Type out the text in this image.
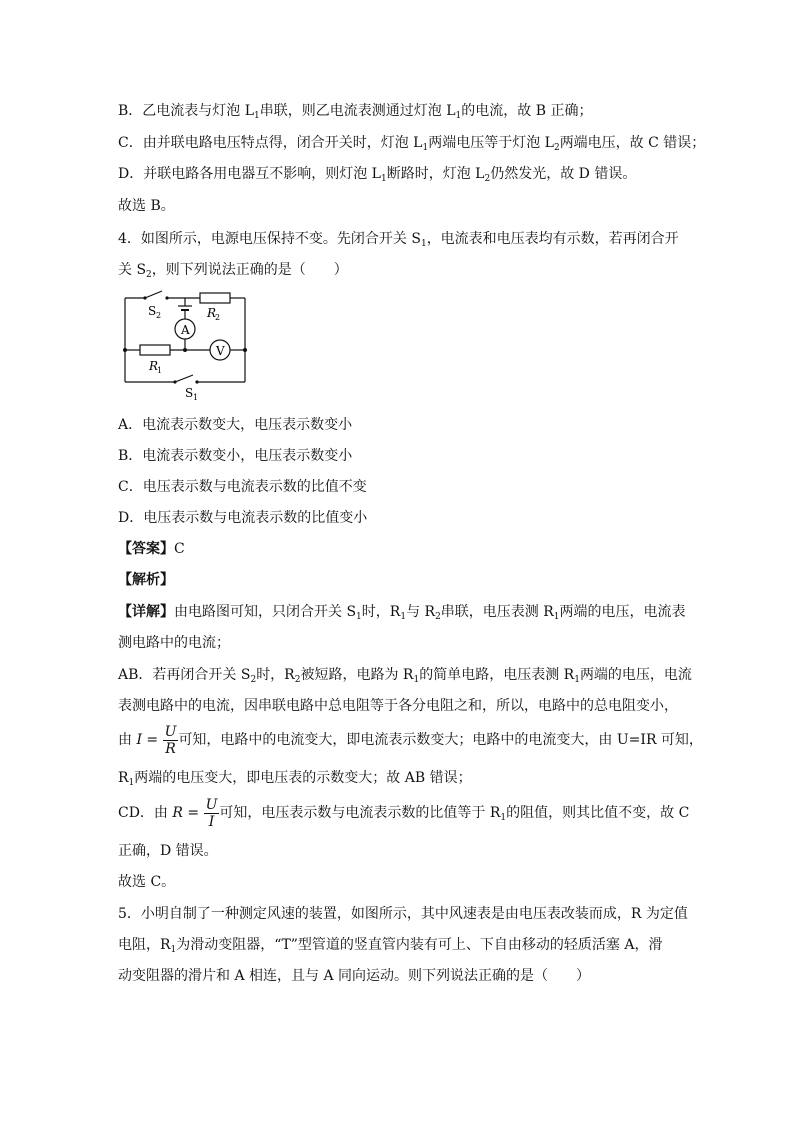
B．乙电流表与灯泡 $L_1$串联，则乙电流表测通过灯泡 $L_1$的电流，故 B 正确；
C．由并联电路电压特点得，闭合开关时，灯泡 $L_1$两端电压等于灯泡 $L_2$两端电压，故 C 错误；
D．并联电路各用电器互不影响，则灯泡 $L_1$断路时，灯泡 $L_2$仍然发光，故 D 错误。
故选 B。
4．如图所示，电源电压保持不变。先闭合开关 $S_1$，电流表和电压表均有示数，若再闭合开
关 $S_2$，则下列说法正确的是（　　）
A
V
S 2	R
2
R
1
S 1
A．电流表示数变大，电压表示数变小
B．电流表示数变小，电压表示数变小
C．电压表示数与电流表示数的比值不变
D．电压表示数与电流表示数的比值变小
【答案】C
【解析】
【详解】由电路图可知，只闭合开关 $S_1$时，$R_1$与 $R_2$串联，电压表测 $R_1$两端的电压，电流表
测电路中的电流；
AB．若再闭合开关 $S_2$时，$R_2$被短路，电路为 $R_1$的简单电路，电压表测 $R_1$两端的电压，电流
表测电路中的电流，因串联电路中总电阻等于各分电阻之和，所以，电路中的总电阻变小，
由 $I = \frac{U}{R}$ 可知，电路中的电流变大，即电流表示数变大；电路中的电流变大，由 U=IR 可知，
$R_1$两端的电压变大，即电压表的示数变大；故 AB 错误；
CD．由 $R = \frac{U}{I}$ 可知，电压表示数与电流表示数的比值等于 $R_1$的阻值，则其比值不变，故 C
正确，D 错误。
故选 C。
5．小明自制了一种测定风速的装置，如图所示，其中风速表是由电压表改装而成，R 为定值
电阻，$R_1$为滑动变阻器，“T”型管道的竖直管内装有可上、下自由移动的轻质活塞 A，滑
动变阻器的滑片和 A 相连，且与 A 同向运动。则下列说法正确的是（　　）
